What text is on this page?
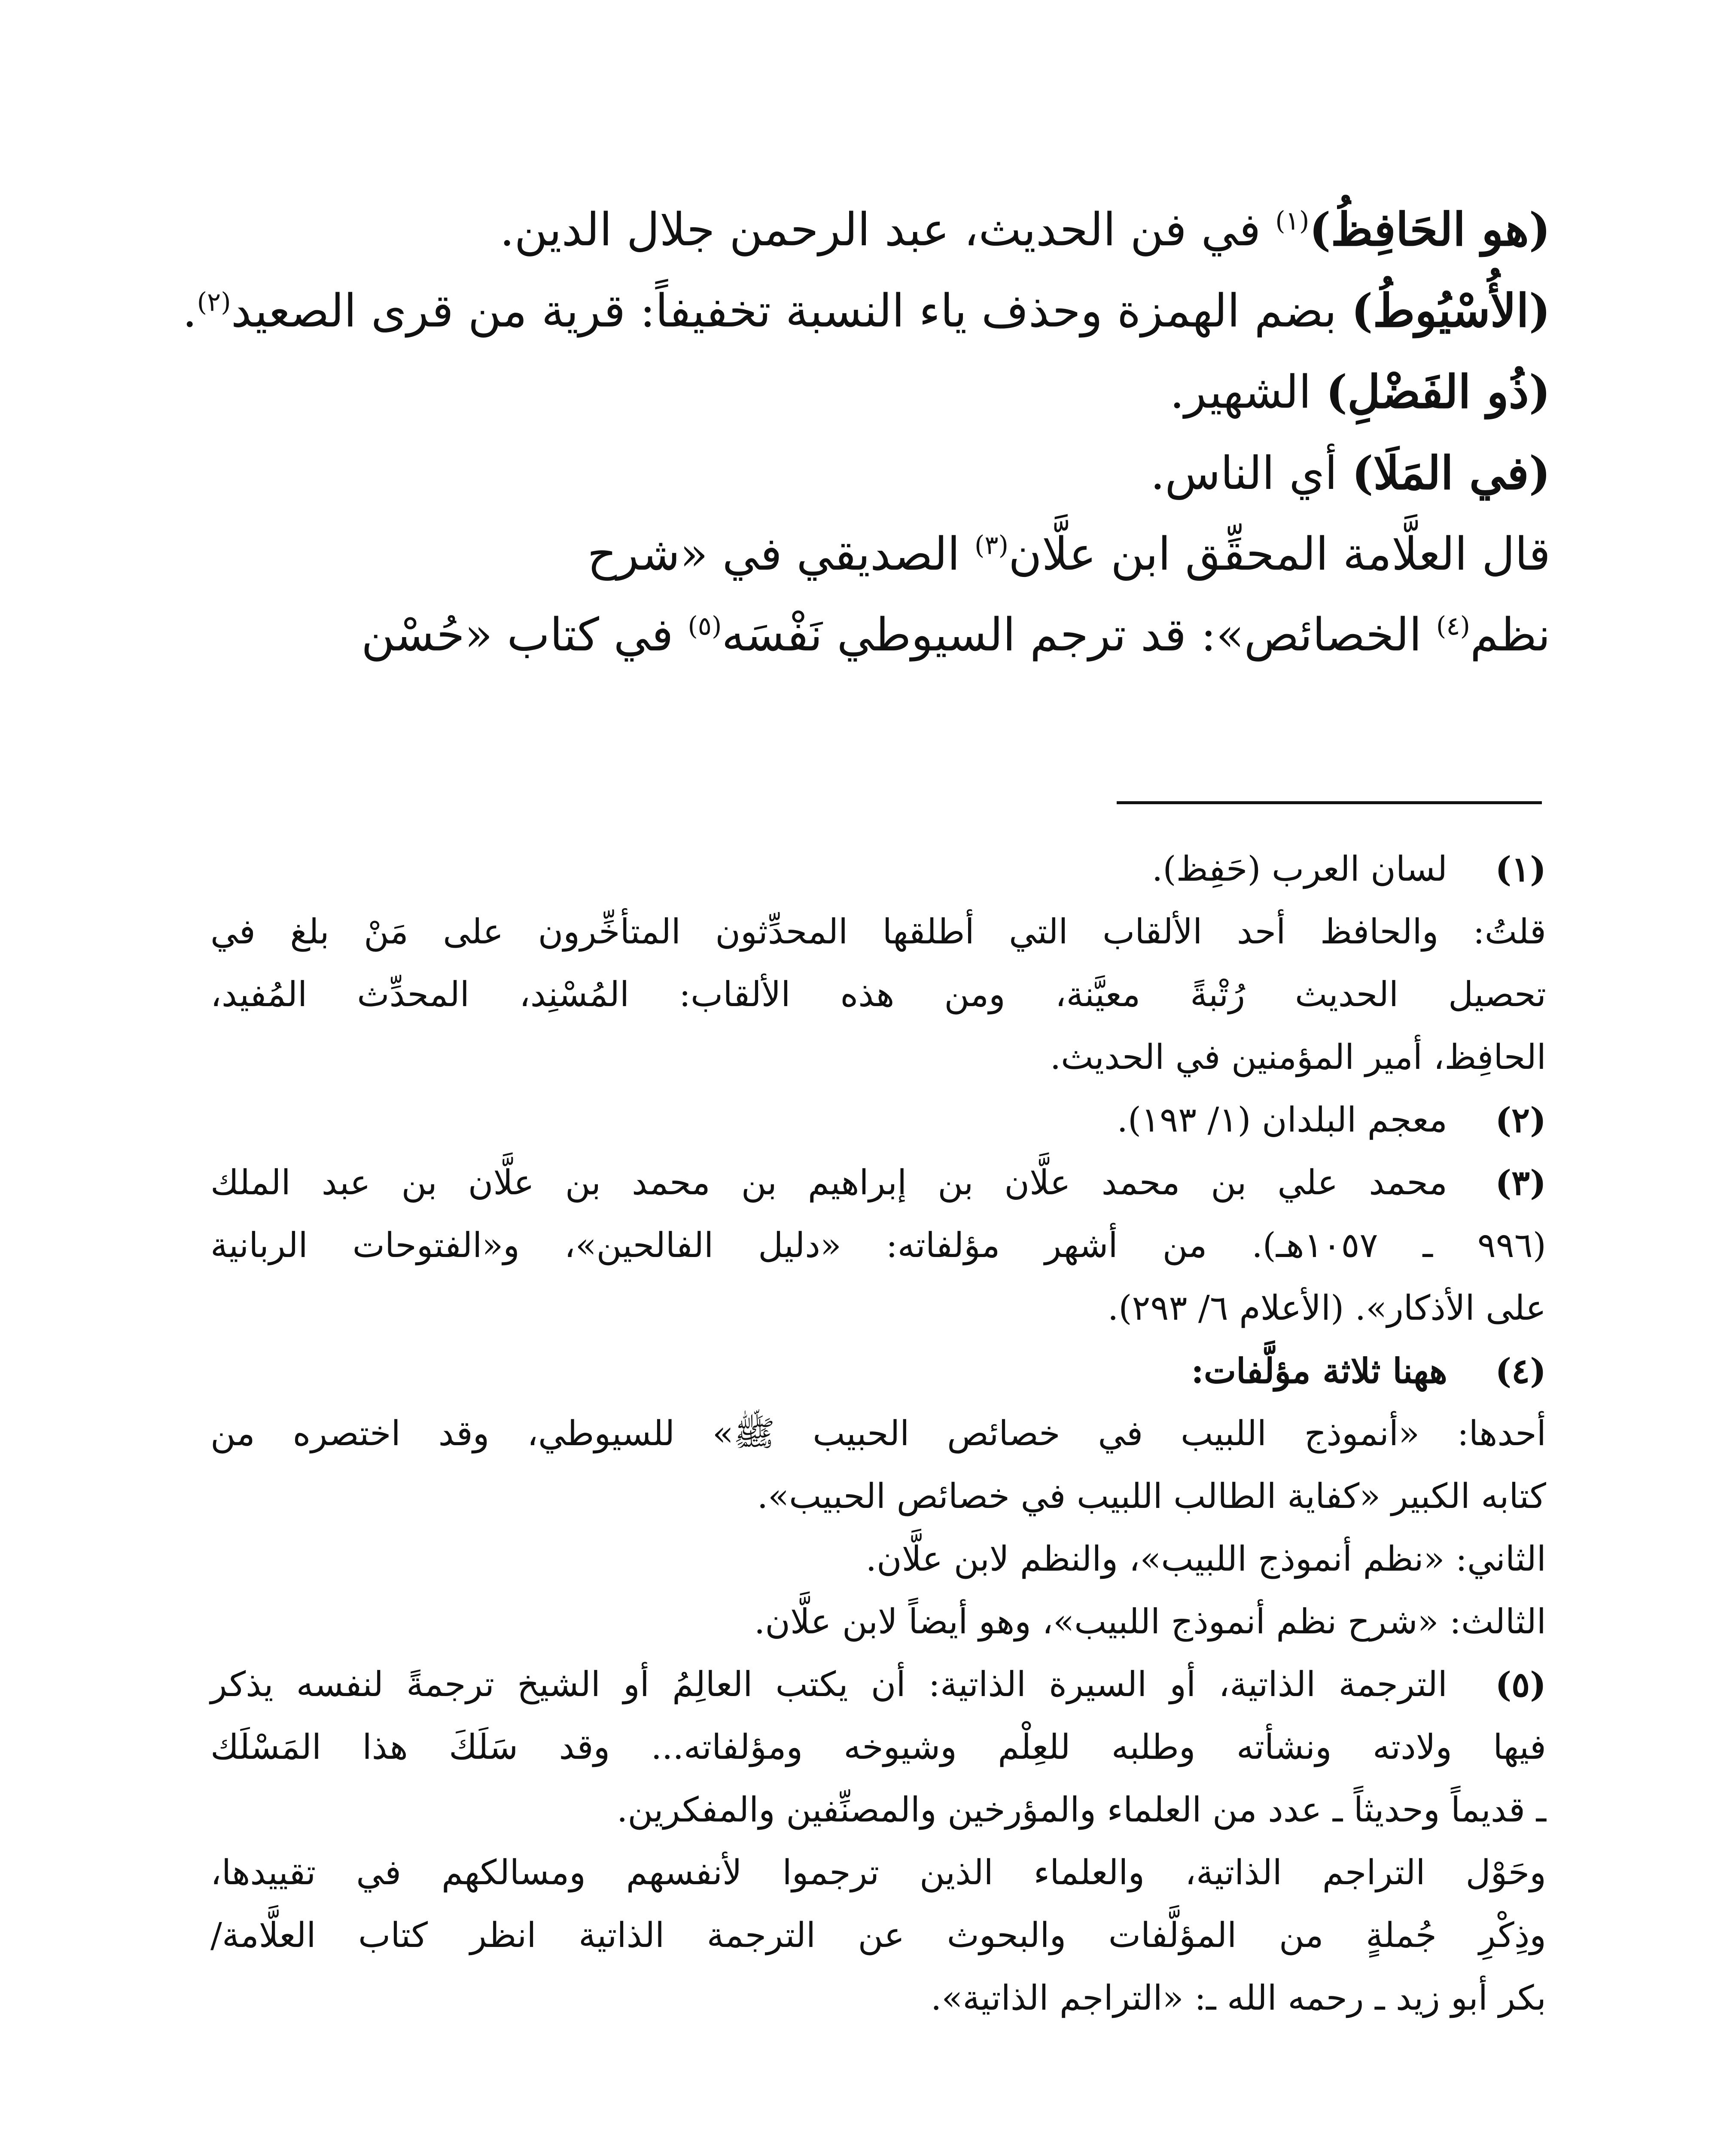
(هو الحَافِظُ)$^{(١)}$ في فن الحديث، عبد الرحمن جلال الدين.
(الأُسْيُوطُ) بضم الهمزة وحذف ياء النسبة تخفيفاً: قرية من قرى الصعيد$^{(٢)}$.
(ذُو الفَضْلِ) الشهير.
(في المَلَا) أي الناس.
قال العلَّامة المحقِّق ابن علَّان$^{(٣)}$ الصديقي في «شرح
نظم$^{(٤)}$ الخصائص»: قد ترجم السيوطي نَفْسَه$^{(٥)}$ في كتاب «حُسْن
(١)
لسان العرب (حَفِظ).
قلتُ: والحافظ أحد الألقاب التي أطلقها المحدِّثون المتأخِّرون على مَنْ بلغ في
تحصيل الحديث رُتْبةً معيَّنة، ومن هذه الألقاب: المُسْنِد، المحدِّث المُفيد،
الحافِظ، أمير المؤمنين في الحديث.
(٢)
معجم البلدان (١/ ١٩٣).
(٣)
محمد علي بن محمد علَّان بن إبراهيم بن محمد بن علَّان بن عبد الملك
(٩٩٦ ـ ١٠٥٧هـ). من أشهر مؤلفاته: «دليل الفالحين»، و«الفتوحات الربانية
على الأذكار». (الأعلام ٦/ ٢٩٣).
(٤)
ههنا ثلاثة مؤلَّفات:
أحدها: «أنموذج اللبيب في خصائص الحبيب ﷺ» للسيوطي، وقد اختصره من
كتابه الكبير «كفاية الطالب اللبيب في خصائص الحبيب».
الثاني: «نظم أنموذج اللبيب»، والنظم لابن علَّان.
الثالث: «شرح نظم أنموذج اللبيب»، وهو أيضاً لابن علَّان.
(٥)
الترجمة الذاتية، أو السيرة الذاتية: أن يكتب العالِمُ أو الشيخ ترجمةً لنفسه يذكر
فيها ولادته ونشأته وطلبه للعِلْم وشيوخه ومؤلفاته... وقد سَلَكَ هذا المَسْلَك
ـ قديماً وحديثاً ـ عدد من العلماء والمؤرخين والمصنِّفين والمفكرين.
وحَوْل التراجم الذاتية، والعلماء الذين ترجموا لأنفسهم ومسالكهم في تقييدها،
وذِكْرِ جُملةٍ من المؤلَّفات والبحوث عن الترجمة الذاتية انظر كتاب العلَّامة/
بكر أبو زيد ـ رحمه الله ـ: «التراجم الذاتية».
